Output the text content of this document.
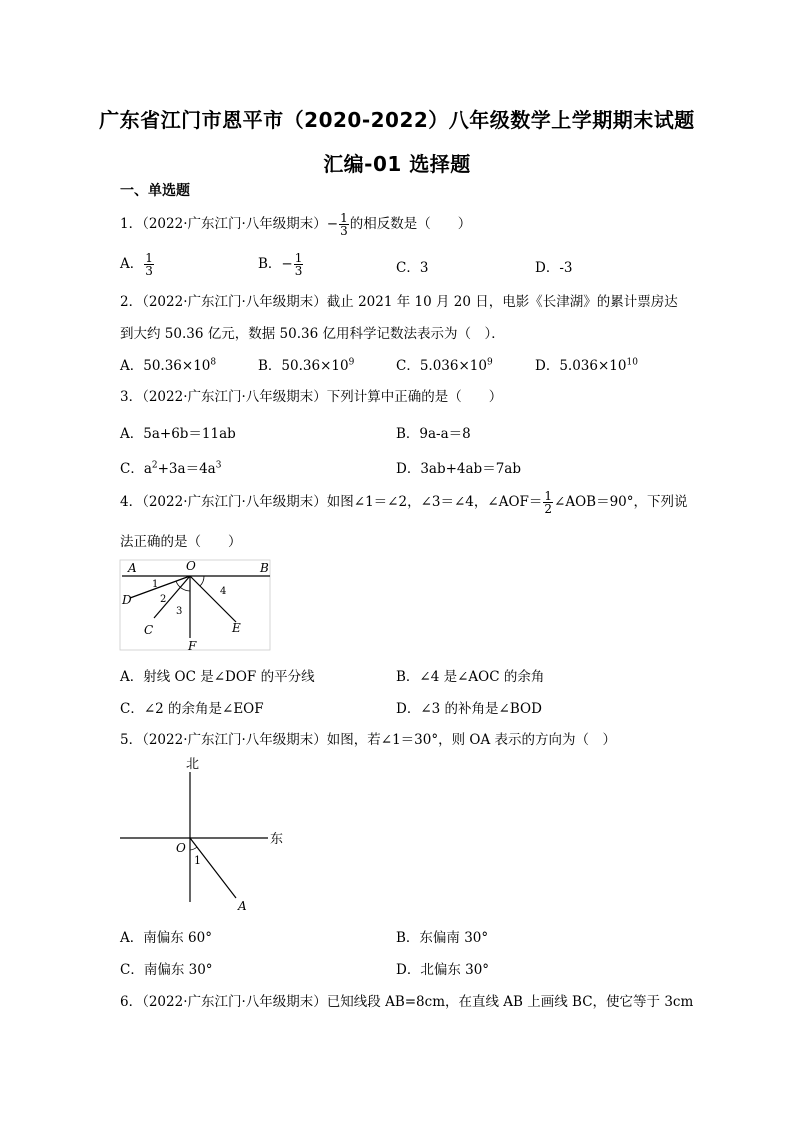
广东省江门市恩平市（2020-2022）八年级数学上学期期末试题
汇编-01 选择题
一、单选题
1．（2022·广东江门·八年级期末）− $\frac{1}{3}$ 的相反数是（　　）
A． $\frac{1}{3}$	B．− $\frac{1}{3}$	C．3	D．-3
2．（2022·广东江门·八年级期末）截止 2021 年 10 月 20 日，电影《长津湖》的累计票房达
到大约 50.36 亿元，数据 50.36 亿用科学记数法表示为（　）．
A．$50.36\times 10^8$	B．$50.36\times 10^9$	C．$5.036\times 10^9$	D．$5.036\times 10^{10}$
3．（2022·广东江门·八年级期末）下列计算中正确的是（　　）
A．5a+6b＝11ab	B．9a-a＝8
C．$a^2+3a=4a^3$	D．3ab+4ab＝7ab
4．（2022·广东江门·八年级期末）如图∠1＝∠2，∠3＝∠4，∠AOF＝ $\frac{1}{2}$ ∠AOB＝90°，下列说
法正确的是（　　）
A	O	B
D
C	E
F
1
2
3
4
A．射线 OC 是∠DOF 的平分线	B．∠4 是∠AOC 的余角
C．∠2 的余角是∠EOF	D．∠3 的补角是∠BOD
5．（2022·广东江门·八年级期末）如图，若∠1＝30°，则 OA 表示的方向为（　）
北
东
O
1
A
A．南偏东 60°	B．东偏南 30°
C．南偏东 30°	D．北偏东 30°
6．（2022·广东江门·八年级期末）已知线段 AB=8cm，在直线 AB 上画线 BC，使它等于 3cm
